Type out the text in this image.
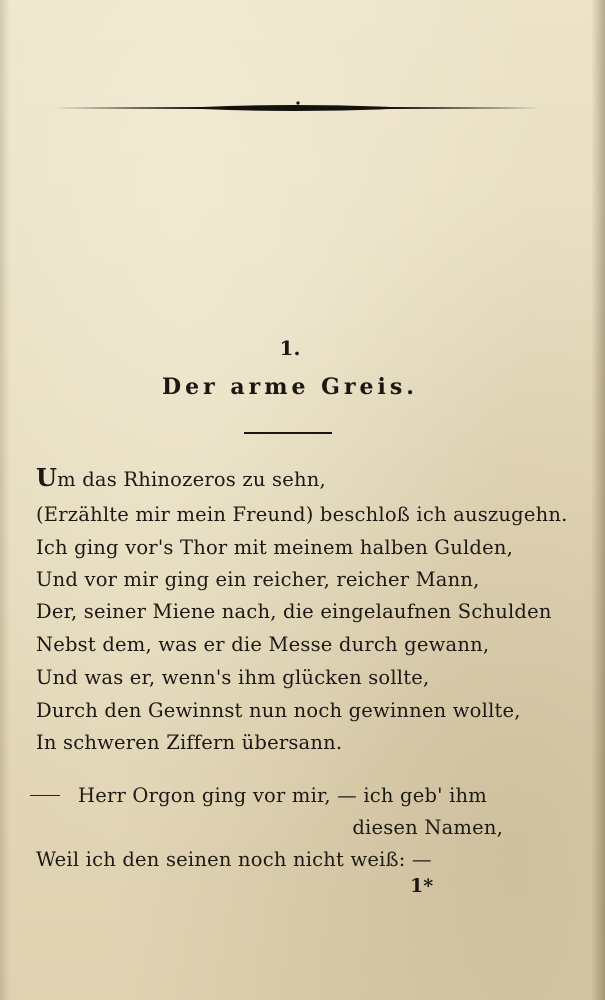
1.
Der arme Greis.
Um das Rhinozeros zu sehn,
(Erzählte mir mein Freund) beschloß ich auszugehn.
Ich ging vor's Thor mit meinem halben Gulden,
Und vor mir ging ein reicher, reicher Mann,
Der, seiner Miene nach, die eingelaufnen Schulden
Nebst dem, was er die Messe durch gewann,
Und was er, wenn's ihm glücken sollte,
Durch den Gewinnst nun noch gewinnen wollte,
In schweren Ziffern übersann.
Herr Orgon ging vor mir, — ich geb' ihm
diesen Namen,
Weil ich den seinen noch nicht weiß: —
1*
